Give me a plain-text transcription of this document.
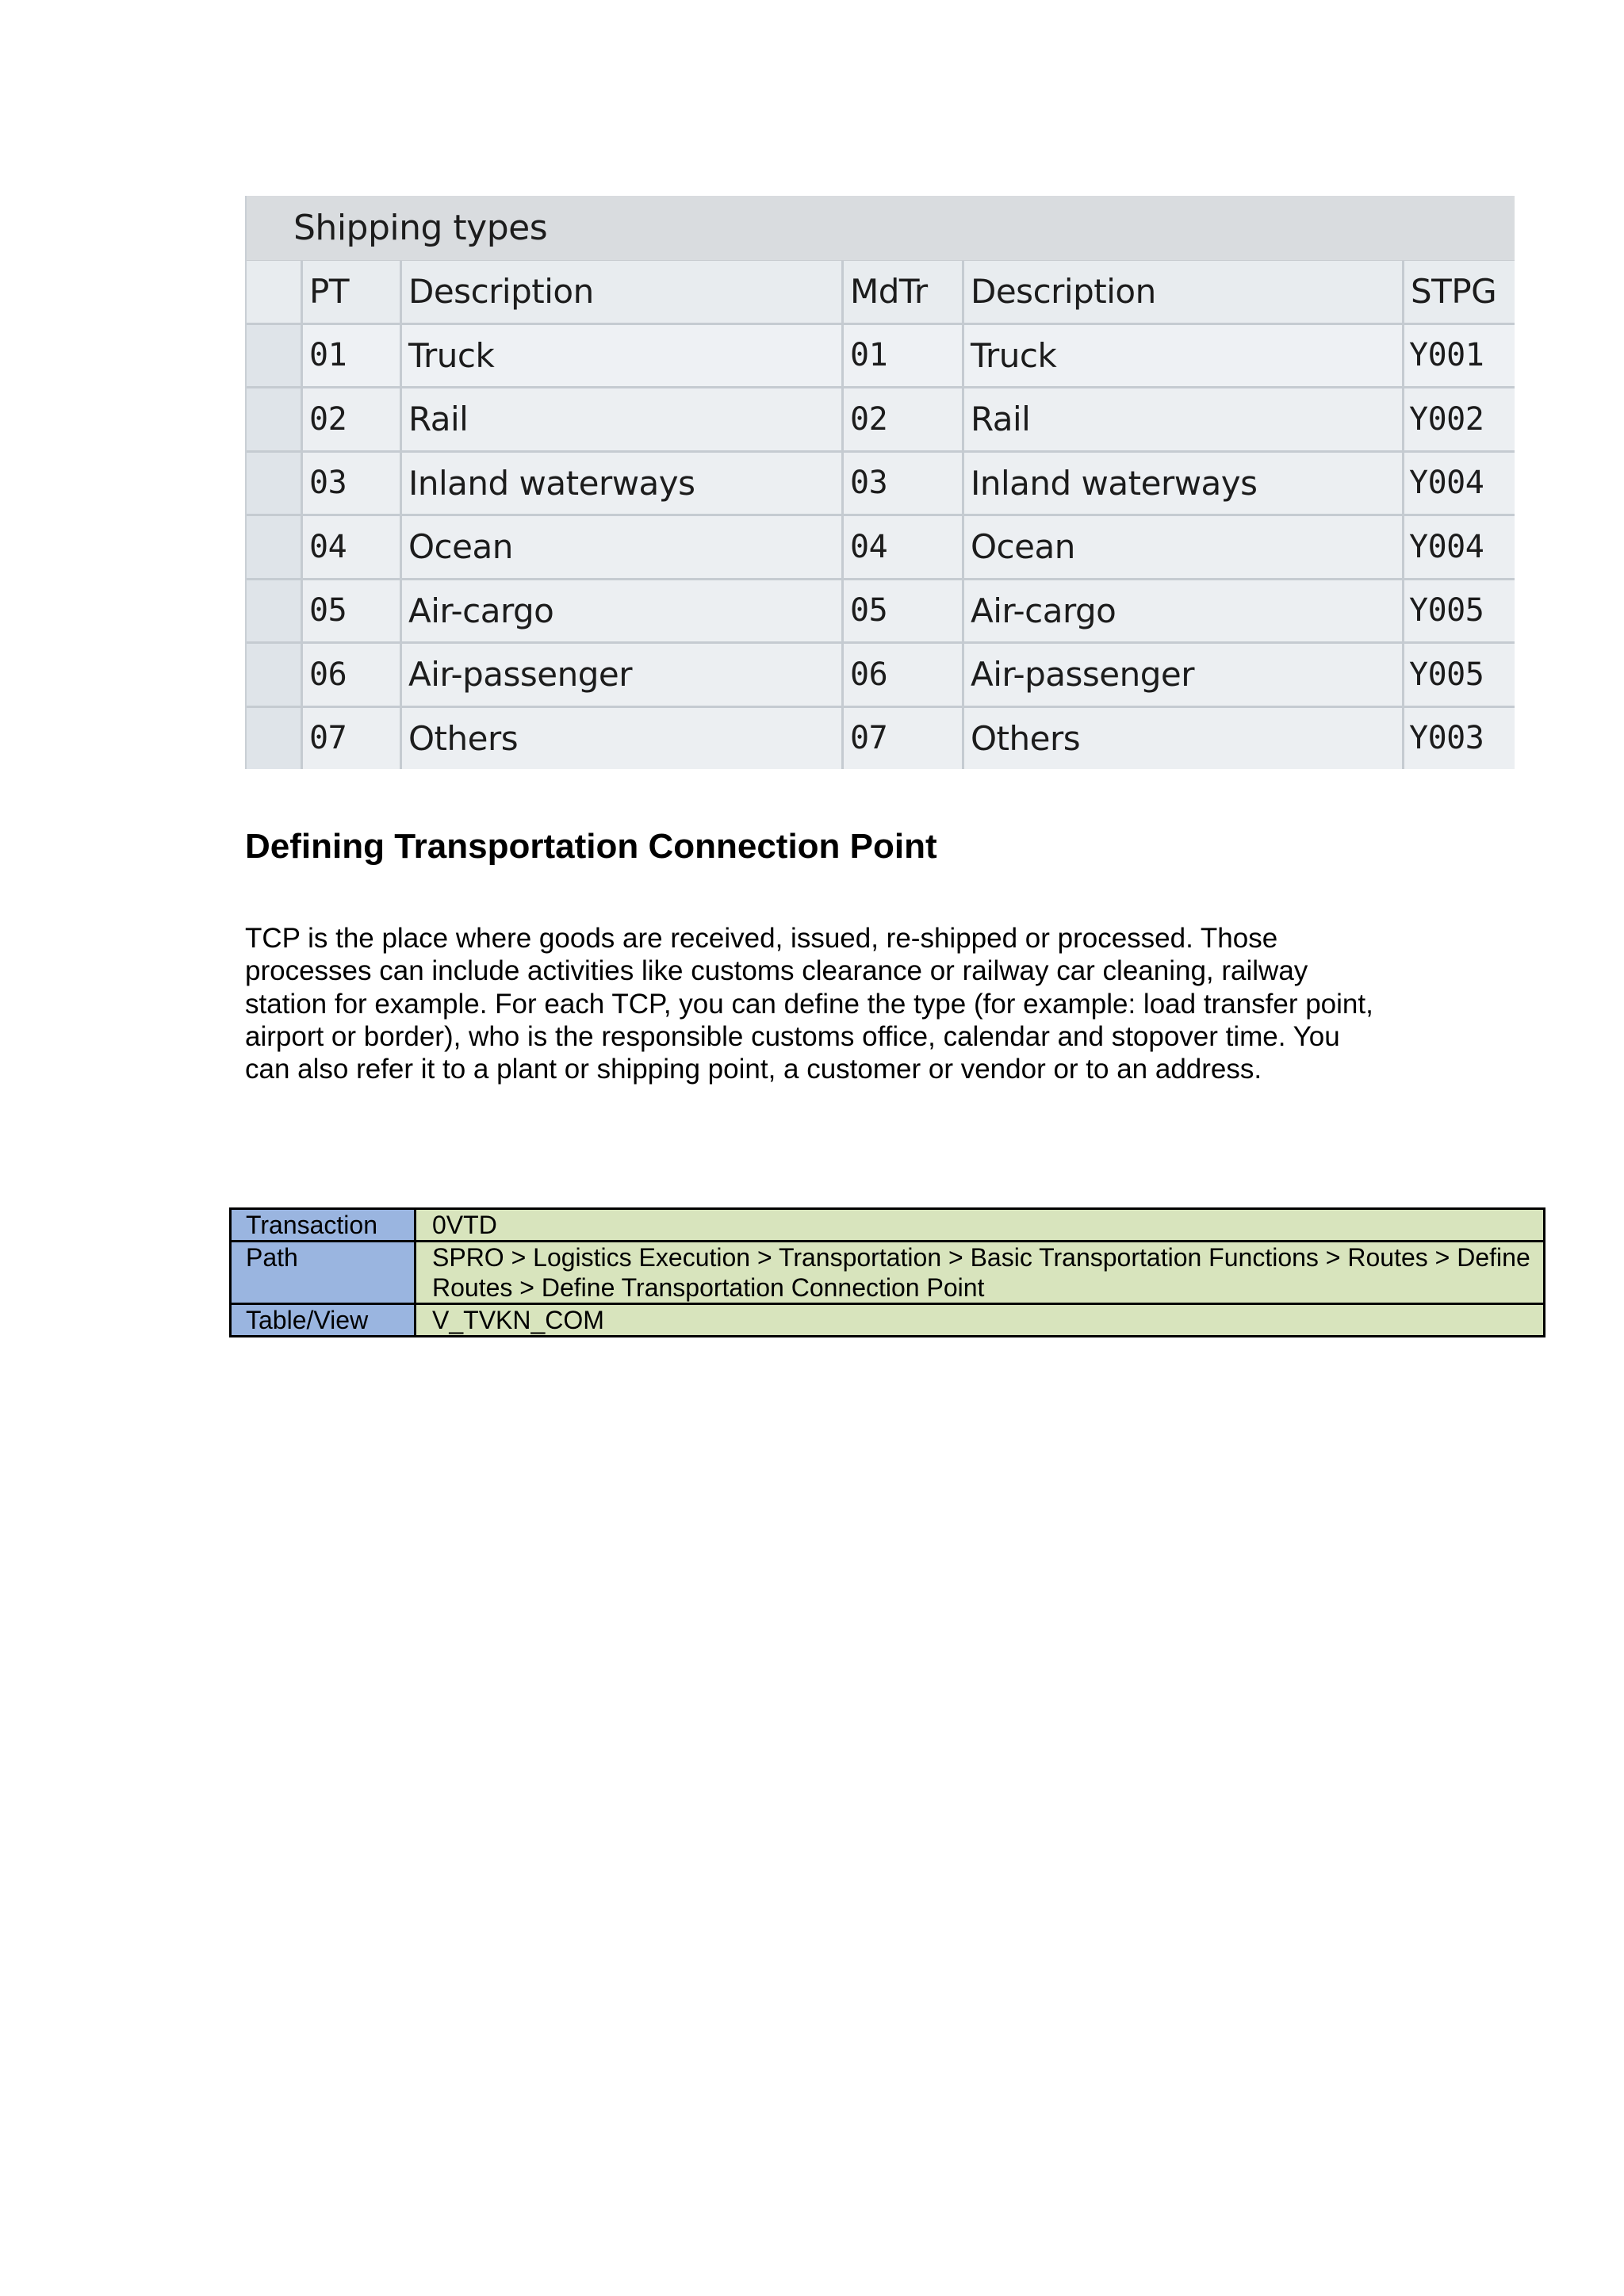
Shipping types
PT	Description	MdTr	Description	STPG
01	Truck	01	Truck	Y001
02	Rail	02	Rail	Y002
03	Inland waterways	03	Inland waterways	Y004
04	Ocean	04	Ocean	Y004
05	Air-cargo	05	Air-cargo	Y005
06	Air-passenger	06	Air-passenger	Y005
07	Others	07	Others	Y003
Defining Transportation Connection Point

TCP is the place where goods are received, issued, re-shipped or processed. Those processes can include activities like customs clearance or railway car cleaning, railway station for example. For each TCP, you can define the type (for example: load transfer point, airport or border), who is the responsible customs office, calendar and stopover time. You can also refer it to a plant or shipping point, a customer or vendor or to an address.

Transaction	0VTD
Path	SPRO > Logistics Execution > Transportation > Basic Transportation Functions > Routes > Define Routes > Define Transportation Connection Point
Table/View	V_TVKN_COM
